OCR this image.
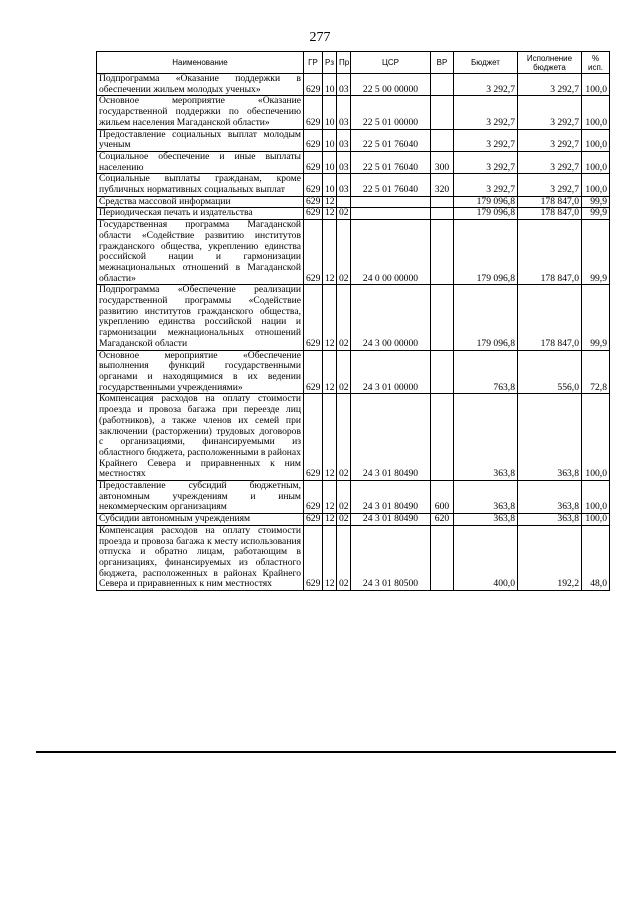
277
Наименование	ГР	Рз	Пр	ЦСР	ВР	Бюджет	Исполнение бюджета	% исп.
Подпрограмма «Оказание поддержки в обеспечении жильем молодых ученых»	629	10	03	22 5 00 00000		3 292,7	3 292,7	100,0
Основное мероприятие «Оказание государственной поддержки по обеспечению жильем населения Магаданской области»	629	10	03	22 5 01 00000		3 292,7	3 292,7	100,0
Предоставление социальных выплат молодым ученым	629	10	03	22 5 01 76040		3 292,7	3 292,7	100,0
Социальное обеспечение и иные выплаты населению	629	10	03	22 5 01 76040	300	3 292,7	3 292,7	100,0
Социальные выплаты гражданам, кроме публичных нормативных социальных выплат	629	10	03	22 5 01 76040	320	3 292,7	3 292,7	100,0
Средства массовой информации	629	12				179 096,8	178 847,0	99,9
Периодическая печать и издательства	629	12	02			179 096,8	178 847,0	99,9
Государственная программа Магаданской области «Содействие развитию институтов гражданского общества, укреплению единства российской нации и гармонизации межнациональных отношений в Магаданской области»	629	12	02	24 0 00 00000		179 096,8	178 847,0	99,9
Подпрограмма «Обеспечение реализации государственной программы «Содействие развитию институтов гражданского общества, укреплению единства российской нации и гармонизации межнациональных отношений Магаданской области	629	12	02	24 3 00 00000		179 096,8	178 847,0	99,9
Основное мероприятие «Обеспечение выполнения функций государственными органами и находящимися в их ведении государственными учреждениями»	629	12	02	24 3 01 00000		763,8	556,0	72,8
Компенсация расходов на оплату стоимости проезда и провоза багажа при переезде лиц (работников), а также членов их семей при заключении (расторжении) трудовых договоров с организациями, финансируемыми из областного бюджета, расположенными в районах Крайнего Севера и приравненных к ним местностях	629	12	02	24 3 01 80490		363,8	363,8	100,0
Предоставление субсидий бюджетным, автономным учреждениям и иным некоммерческим организациям	629	12	02	24 3 01 80490	600	363,8	363,8	100,0
Субсидии автономным учреждениям	629	12	02	24 3 01 80490	620	363,8	363,8	100,0
Компенсация расходов на оплату стоимости проезда и провоза багажа к месту использования отпуска и обратно лицам, работающим в организациях, финансируемых из областного бюджета, расположенных в районах Крайнего Севера и приравненных к ним местностях	629	12	02	24 3 01 80500		400,0	192,2	48,0
